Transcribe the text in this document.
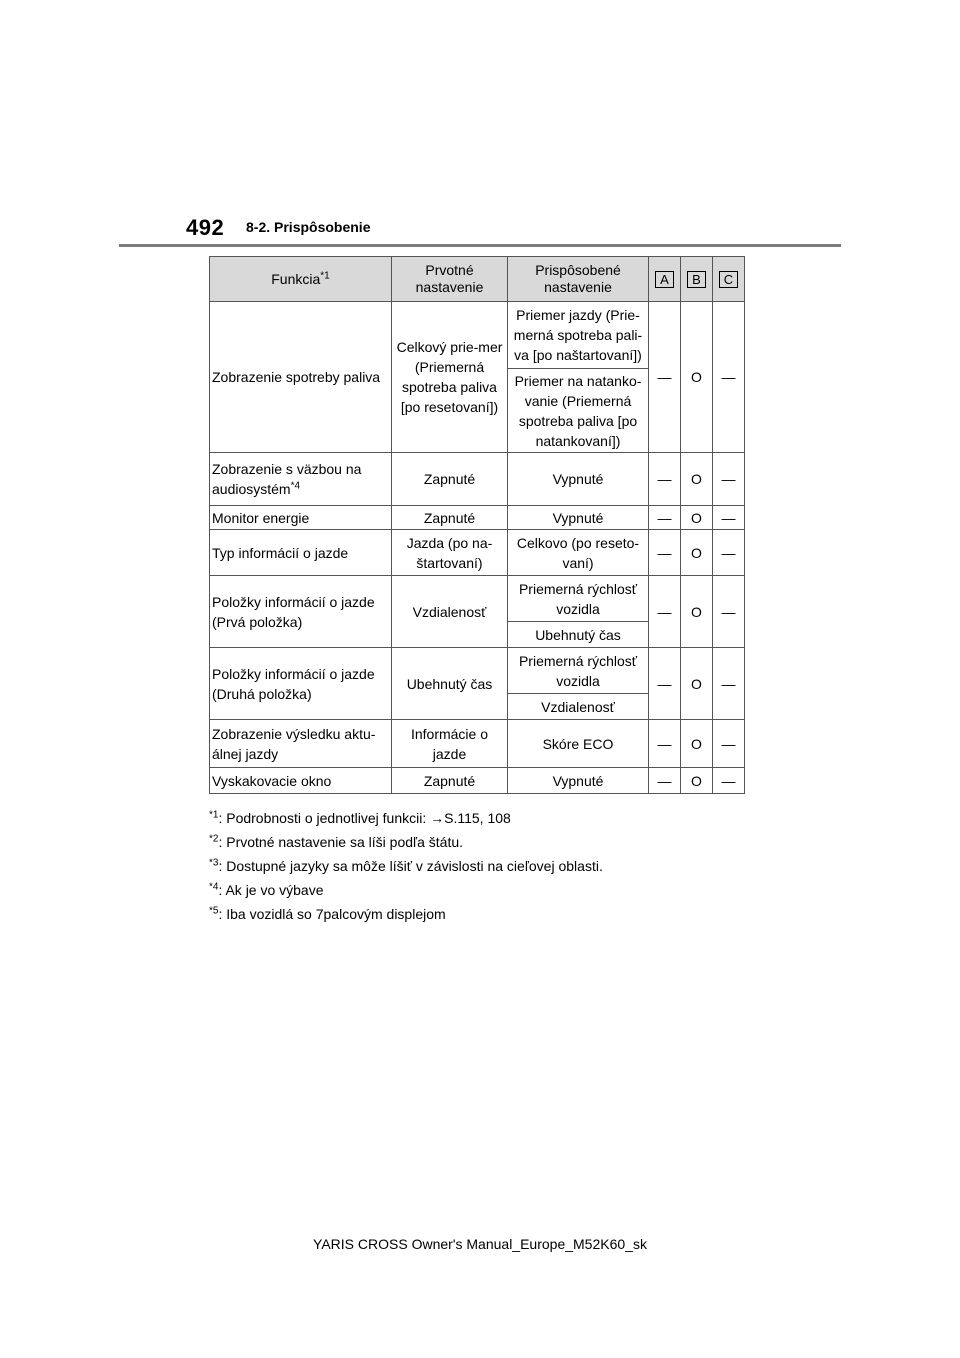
492 8-2. Prispôsobenie
Funkcia$^{*1}$	Prvotné nastavenie	Prispôsobené nastavenie	A	B	C
Zobrazenie spotreby paliva	Celkový prie-mer (Priemerná spotreba paliva [po resetovaní])	Priemer jazdy (Prie-merná spotreba pali-va [po naštartovaní])	—	O	—
		Priemer na natanko-vanie (Priemerná spotreba paliva [po natankovaní])			
Zobrazenie s väzbou na audiosystém$^{*4}$	Zapnuté	Vypnuté	—	O	—
Monitor energie	Zapnuté	Vypnuté	—	O	—
Typ informácií o jazde	Jazda (po na-štartovaní)	Celkovo (po reseto-vaní)	—	O	—
Položky informácií o jazde (Prvá položka)	Vzdialenosť	Priemerná rýchlosť vozidla	—	O	—
		Ubehnutý čas			
Položky informácií o jazde (Druhá položka)	Ubehnutý čas	Priemerná rýchlosť vozidla	—	O	—
		Vzdialenosť			
Zobrazenie výsledku aktu-álnej jazdy	Informácie o jazde	Skóre ECO	—	O	—
Vyskakovacie okno	Zapnuté	Vypnuté	—	O	—
$^{*1}$: Podrobnosti o jednotlivej funkcii: →S.115, 108
$^{*2}$: Prvotné nastavenie sa líši podľa štátu.
$^{*3}$: Dostupné jazyky sa môže líšiť v závislosti na cieľovej oblasti.
$^{*4}$: Ak je vo výbave
$^{*5}$: Iba vozidlá so 7palcovým displejom
YARIS CROSS Owner's Manual_Europe_M52K60_sk
